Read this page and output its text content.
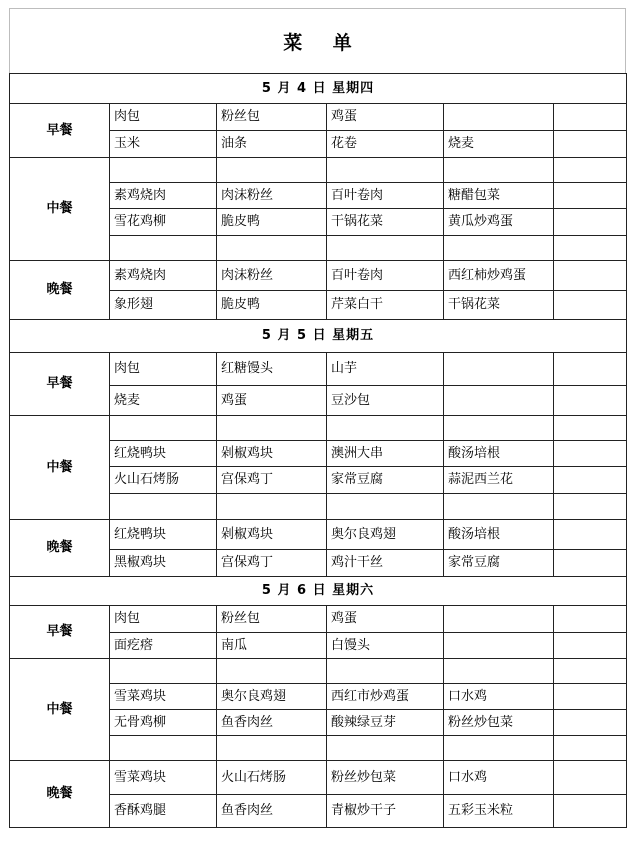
菜 单
5 月 4 日 星期四					
早餐	肉包	粉丝包	鸡蛋		
	玉米	油条	花卷	烧麦	
中餐					
	素鸡烧肉	肉沫粉丝	百叶卷肉	糖醋包菜	
	雪花鸡柳	脆皮鸭	干锅花菜	黄瓜炒鸡蛋	

晚餐	素鸡烧肉	肉沫粉丝	百叶卷肉	西红柿炒鸡蛋	
	象形翅	脆皮鸭	芹菜白干	干锅花菜	
5 月 5 日 星期五					
早餐	肉包	红糖馒头	山芋		
	烧麦	鸡蛋	豆沙包		
中餐					
	红烧鸭块	剁椒鸡块	澳洲大串	酸汤培根	
	火山石烤肠	宫保鸡丁	家常豆腐	蒜泥西兰花	

晚餐	红烧鸭块	剁椒鸡块	奥尔良鸡翅	酸汤培根	
	黑椒鸡块	宫保鸡丁	鸡汁干丝	家常豆腐	
5 月 6 日 星期六					
早餐	肉包	粉丝包	鸡蛋		
	面疙瘩	南瓜	白馒头		
中餐					
	雪菜鸡块	奥尔良鸡翅	西红市炒鸡蛋	口水鸡	
	无骨鸡柳	鱼香肉丝	酸辣绿豆芽	粉丝炒包菜	

晚餐	雪菜鸡块	火山石烤肠	粉丝炒包菜	口水鸡	
	香酥鸡腿	鱼香肉丝	青椒炒干子	五彩玉米粒	
